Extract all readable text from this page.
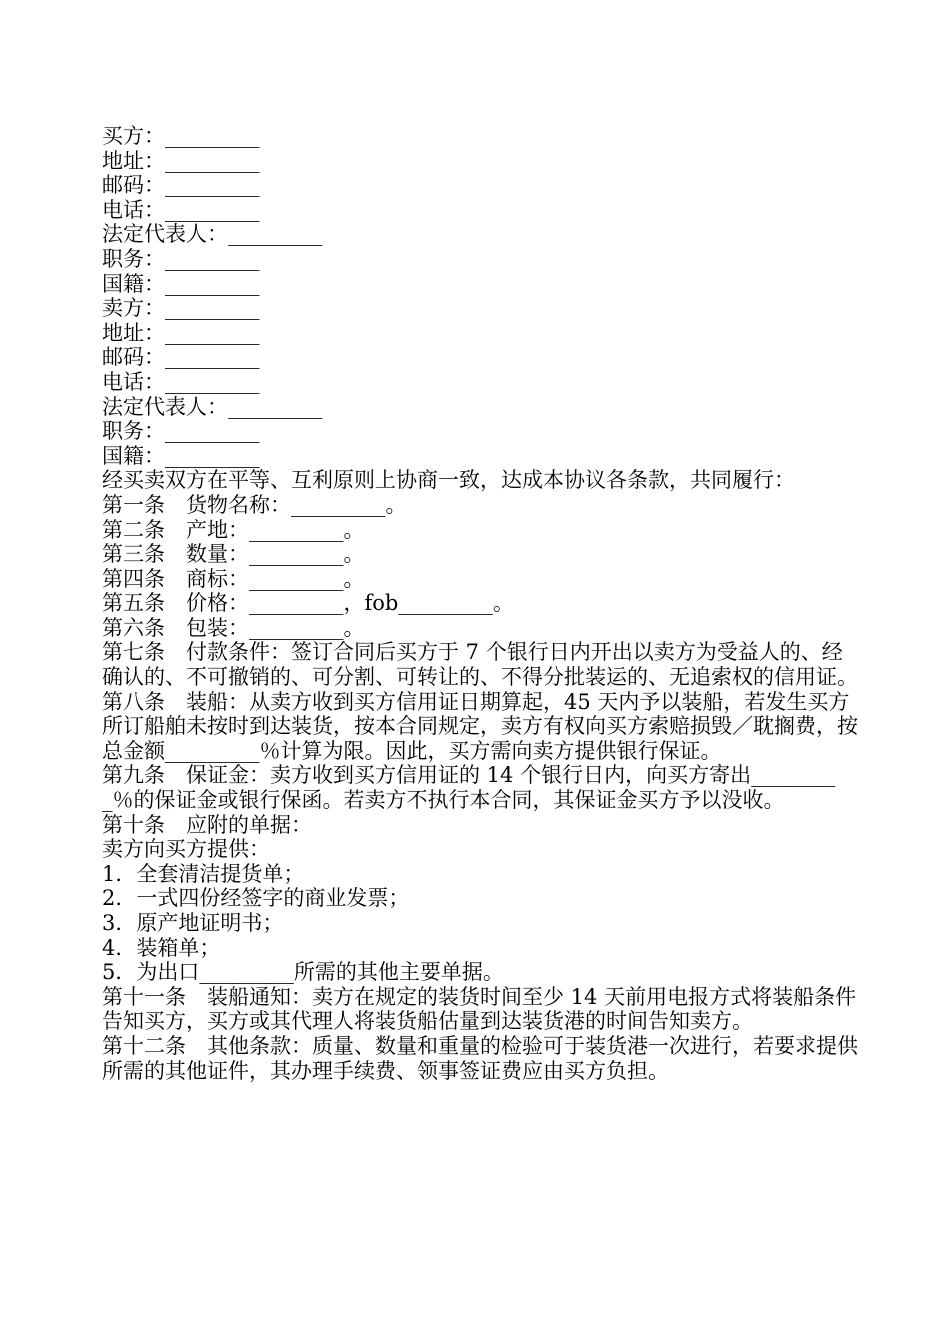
买方：_________

地址：_________

邮码：_________

电话：_________

法定代表人：_________

职务：_________

国籍：_________

卖方：_________

地址：_________

邮码：_________

电话：_________

法定代表人：_________

职务：_________

国籍：_________

经买卖双方在平等、互利原则上协商一致，达成本协议各条款，共同履行：

第一条　货物名称：_________。

第二条　产地：_________。

第三条　数量：_________。

第四条　商标：_________。

第五条　价格：_________，fob_________。

第六条　包装：_________。

第七条　付款条件：签订合同后买方于 7 个银行日内开出以卖方为受益人的、经确认的、不可撤销的、可分割、可转让的、不得分批装运的、无追索权的信用证。

第八条　装船：从卖方收到买方信用证日期算起，45 天内予以装船，若发生买方所订船舶未按时到达装货，按本合同规定，卖方有权向买方索赔损毁／耽搁费，按总金额_________％计算为限。因此，买方需向卖方提供银行保证。

第九条　保证金：卖方收到买方信用证的 14 个银行日内，向买方寄出_________％的保证金或银行保函。若卖方不执行本合同，其保证金买方予以没收。

第十条　应附的单据：

卖方向买方提供：

1．全套清洁提货单；

2．一式四份经签字的商业发票；

3．原产地证明书；

4．装箱单；

5．为出口_________所需的其他主要单据。

第十一条　装船通知：卖方在规定的装货时间至少 14 天前用电报方式将装船条件告知买方，买方或其代理人将装货船估量到达装货港的时间告知卖方。

第十二条　其他条款：质量、数量和重量的检验可于装货港一次进行，若要求提供所需的其他证件，其办理手续费、领事签证费应由买方负担。
